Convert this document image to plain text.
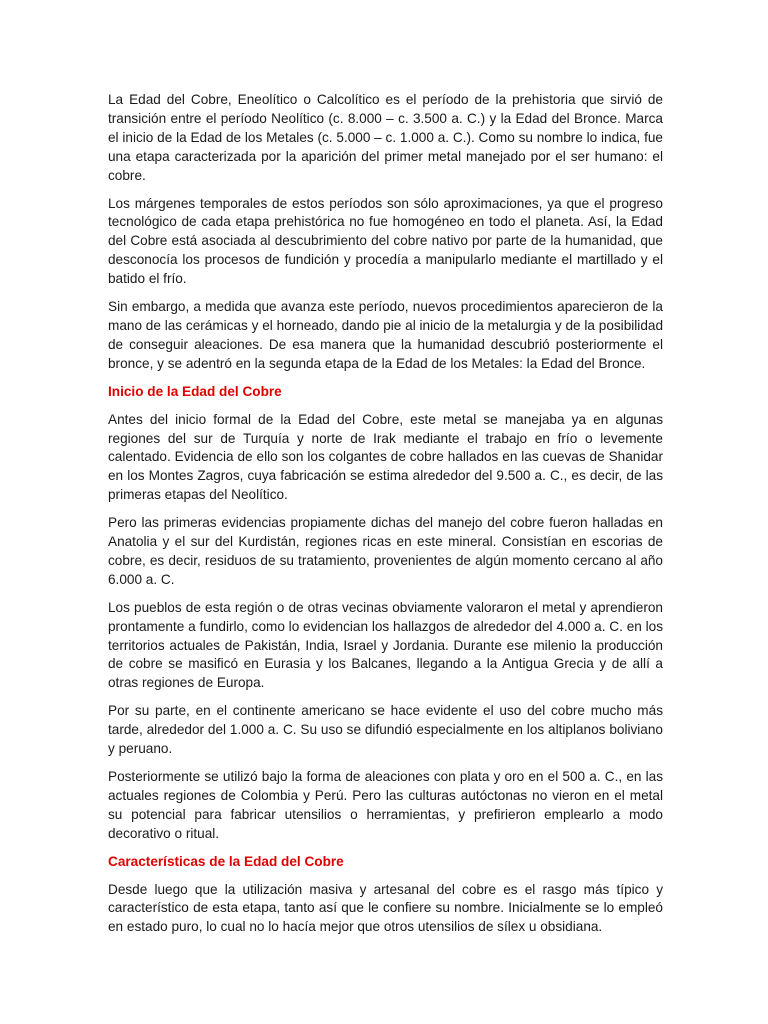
La Edad del Cobre, Eneolítico o Calcolítico es el período de la prehistoria que sirvió de transición entre el período Neolítico (c. 8.000 – c. 3.500 a. C.) y la Edad del Bronce. Marca el inicio de la Edad de los Metales (c. 5.000 – c. 1.000 a. C.). Como su nombre lo indica, fue una etapa caracterizada por la aparición del primer metal manejado por el ser humano: el cobre.

Los márgenes temporales de estos períodos son sólo aproximaciones, ya que el progreso tecnológico de cada etapa prehistórica no fue homogéneo en todo el planeta. Así, la Edad del Cobre está asociada al descubrimiento del cobre nativo por parte de la humanidad, que desconocía los procesos de fundición y procedía a manipularlo mediante el martillado y el batido el frío.

Sin embargo, a medida que avanza este período, nuevos procedimientos aparecieron de la mano de las cerámicas y el horneado, dando pie al inicio de la metalurgia y de la posibilidad de conseguir aleaciones. De esa manera que la humanidad descubrió posteriormente el bronce, y se adentró en la segunda etapa de la Edad de los Metales: la Edad del Bronce.

Inicio de la Edad del Cobre

Antes del inicio formal de la Edad del Cobre, este metal se manejaba ya en algunas regiones del sur de Turquía y norte de Irak mediante el trabajo en frío o levemente calentado. Evidencia de ello son los colgantes de cobre hallados en las cuevas de Shanidar en los Montes Zagros, cuya fabricación se estima alrededor del 9.500 a. C., es decir, de las primeras etapas del Neolítico.

Pero las primeras evidencias propiamente dichas del manejo del cobre fueron halladas en Anatolia y el sur del Kurdistán, regiones ricas en este mineral. Consistían en escorias de cobre, es decir, residuos de su tratamiento, provenientes de algún momento cercano al año 6.000 a. C.

Los pueblos de esta región o de otras vecinas obviamente valoraron el metal y aprendieron prontamente a fundirlo, como lo evidencian los hallazgos de alrededor del 4.000 a. C. en los territorios actuales de Pakistán, India, Israel y Jordania. Durante ese milenio la producción de cobre se masificó en Eurasia y los Balcanes, llegando a la Antigua Grecia y de allí a otras regiones de Europa.

Por su parte, en el continente americano se hace evidente el uso del cobre mucho más tarde, alrededor del 1.000 a. C. Su uso se difundió especialmente en los altiplanos boliviano y peruano.

Posteriormente se utilizó bajo la forma de aleaciones con plata y oro en el 500 a. C., en las actuales regiones de Colombia y Perú. Pero las culturas autóctonas no vieron en el metal su potencial para fabricar utensilios o herramientas, y prefirieron emplearlo a modo decorativo o ritual.

Características de la Edad del Cobre

Desde luego que la utilización masiva y artesanal del cobre es el rasgo más típico y característico de esta etapa, tanto así que le confiere su nombre. Inicialmente se lo empleó en estado puro, lo cual no lo hacía mejor que otros utensilios de sílex u obsidiana.
